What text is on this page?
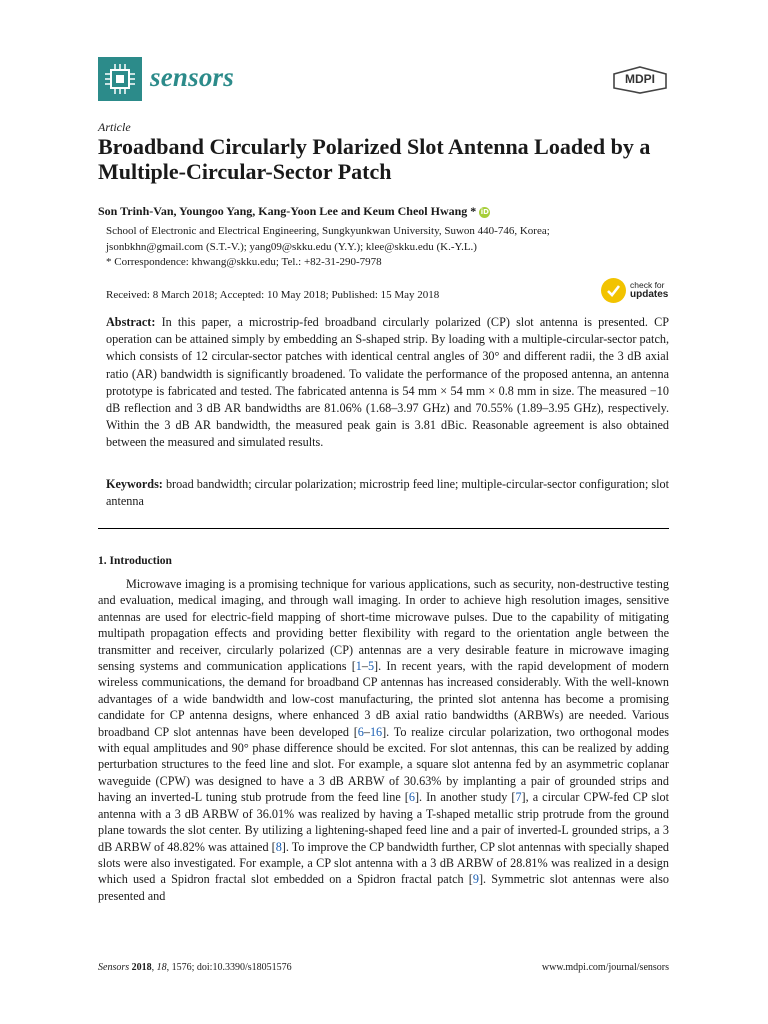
sensors	MDPI
Article
Broadband Circularly Polarized Slot Antenna Loaded by a Multiple-Circular-Sector Patch
Son Trinh-Van, Youngoo Yang, Kang-Yoon Lee and Keum Cheol Hwang * iD
School of Electronic and Electrical Engineering, Sungkyunkwan University, Suwon 440-746, Korea;
jsonbkhn@gmail.com (S.T.-V.); yang09@skku.edu (Y.Y.); klee@skku.edu (K.-Y.L.)
* Correspondence: khwang@skku.edu; Tel.: +82-31-290-7978
Received: 8 March 2018; Accepted: 10 May 2018; Published: 15 May 2018
check for
updates
Abstract: In this paper, a microstrip-fed broadband circularly polarized (CP) slot antenna is presented. CP operation can be attained simply by embedding an S-shaped strip. By loading with a multiple-circular-sector patch, which consists of 12 circular-sector patches with identical central angles of 30° and different radii, the 3 dB axial ratio (AR) bandwidth is significantly broadened. To validate the performance of the proposed antenna, an antenna prototype is fabricated and tested. The fabricated antenna is 54 mm × 54 mm × 0.8 mm in size. The measured −10 dB reflection and 3 dB AR bandwidths are 81.06% (1.68–3.97 GHz) and 70.55% (1.89–3.95 GHz), respectively. Within the 3 dB AR bandwidth, the measured peak gain is 3.81 dBic. Reasonable agreement is also obtained between the measured and simulated results.
Keywords: broad bandwidth; circular polarization; microstrip feed line; multiple-circular-sector configuration; slot antenna
1. Introduction
Microwave imaging is a promising technique for various applications, such as security, non-destructive testing and evaluation, medical imaging, and through wall imaging. In order to achieve high resolution images, sensitive antennas are used for electric-field mapping of short-time microwave pulses. Due to the capability of mitigating multipath propagation effects and providing better flexibility with regard to the orientation angle between the transmitter and receiver, circularly polarized (CP) antennas are a very desirable feature in microwave imaging sensing systems and communication applications [1–5]. In recent years, with the rapid development of modern wireless communications, the demand for broadband CP antennas has increased considerably. With the well-known advantages of a wide bandwidth and low-cost manufacturing, the printed slot antenna has become a promising candidate for CP antenna designs, where enhanced 3 dB axial ratio bandwidths (ARBWs) are needed. Various broadband CP slot antennas have been developed [6–16]. To realize circular polarization, two orthogonal modes with equal amplitudes and 90° phase difference should be excited. For slot antennas, this can be realized by adding perturbation structures to the feed line and slot. For example, a square slot antenna fed by an asymmetric coplanar waveguide (CPW) was designed to have a 3 dB ARBW of 30.63% by implanting a pair of grounded strips and having an inverted-L tuning stub protrude from the feed line [6]. In another study [7], a circular CPW-fed CP slot antenna with a 3 dB ARBW of 36.01% was realized by having a T-shaped metallic strip protrude from the ground plane towards the slot center. By utilizing a lightening-shaped feed line and a pair of inverted-L grounded strips, a 3 dB ARBW of 48.82% was attained [8]. To improve the CP bandwidth further, CP slot antennas with specially shaped slots were also investigated. For example, a CP slot antenna with a 3 dB ARBW of 28.81% was realized in a design which used a Spidron fractal slot embedded on a Spidron fractal patch [9]. Symmetric slot antennas were also presented and
Sensors 2018, 18, 1576; doi:10.3390/s18051576	www.mdpi.com/journal/sensors
